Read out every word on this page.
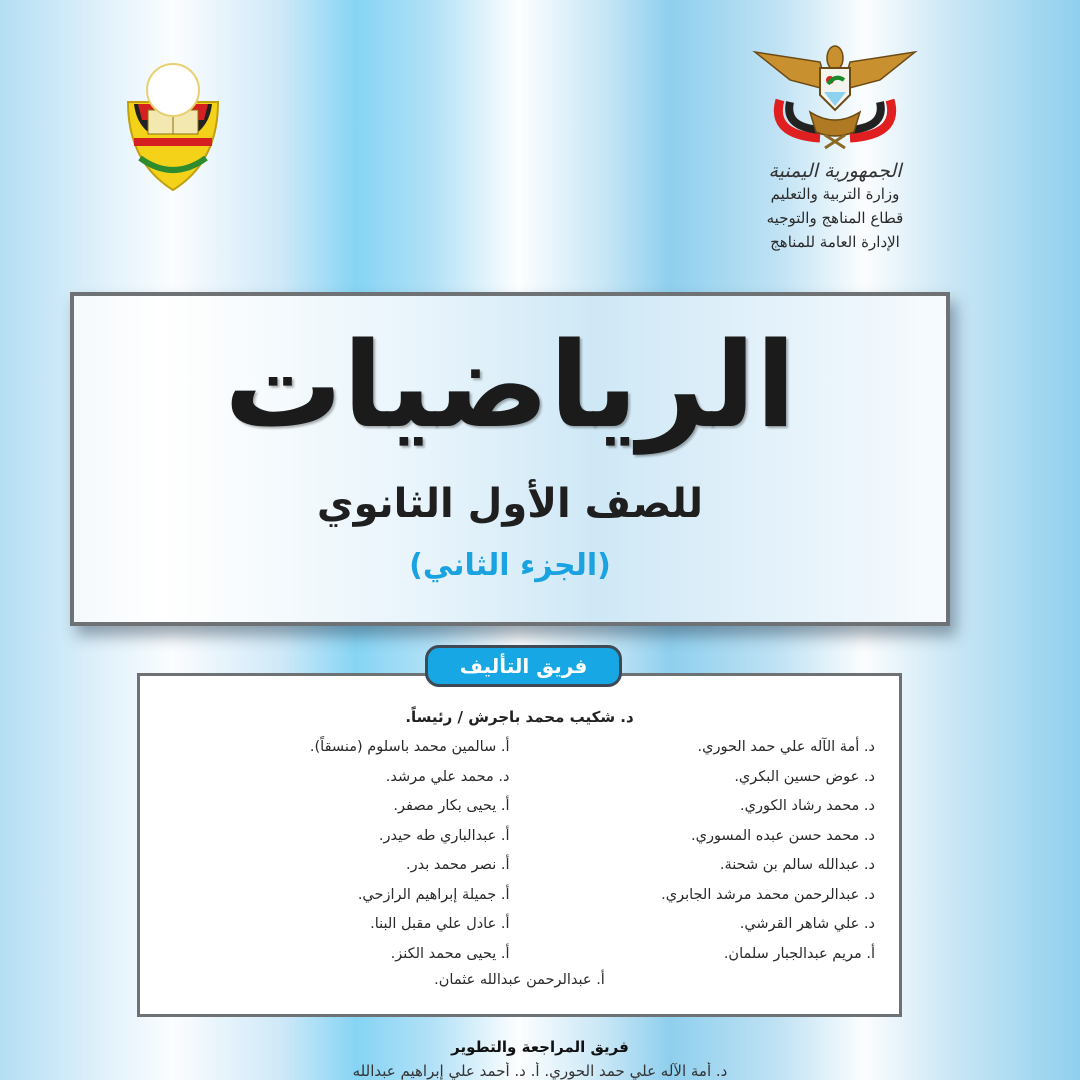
الجمهورية اليمنية
وزارة التربية والتعليم
قطاع المناهج والتوجيه
الإدارة العامة للمناهج
الرياضيات
للصف الأول الثانوي
(الجزء الثاني)
فريق التأليف
د. شكيب محمد باجرش / رئيساً.
د. أمة الآله علي حمد الحوري.
د. عوض حسين البكري.
د. محمد رشاد الكوري.
د. محمد حسن عبده المسوري.
د. عبدالله سالم بن شحنة.
د. عبدالرحمن محمد مرشد الجابري.
د. علي شاهر القرشي.
أ. مريم عبدالجبار سلمان.
أ. سالمين محمد باسلوم (منسقاً).
د. محمد علي مرشد.
أ. يحيى بكار مصفر.
أ. عبدالباري طه حيدر.
أ. نصر محمد بدر.
أ. جميلة إبراهيم الرازحي.
أ. عادل علي مقبل البنا.
أ. يحيى محمد الكنز.
أ. عبدالرحمن عبدالله عثمان.
فريق المراجعة والتطوير
د. أمة الآله علي حمد الحوري. أ. د. أحمد علي إبراهيم عبدالله
